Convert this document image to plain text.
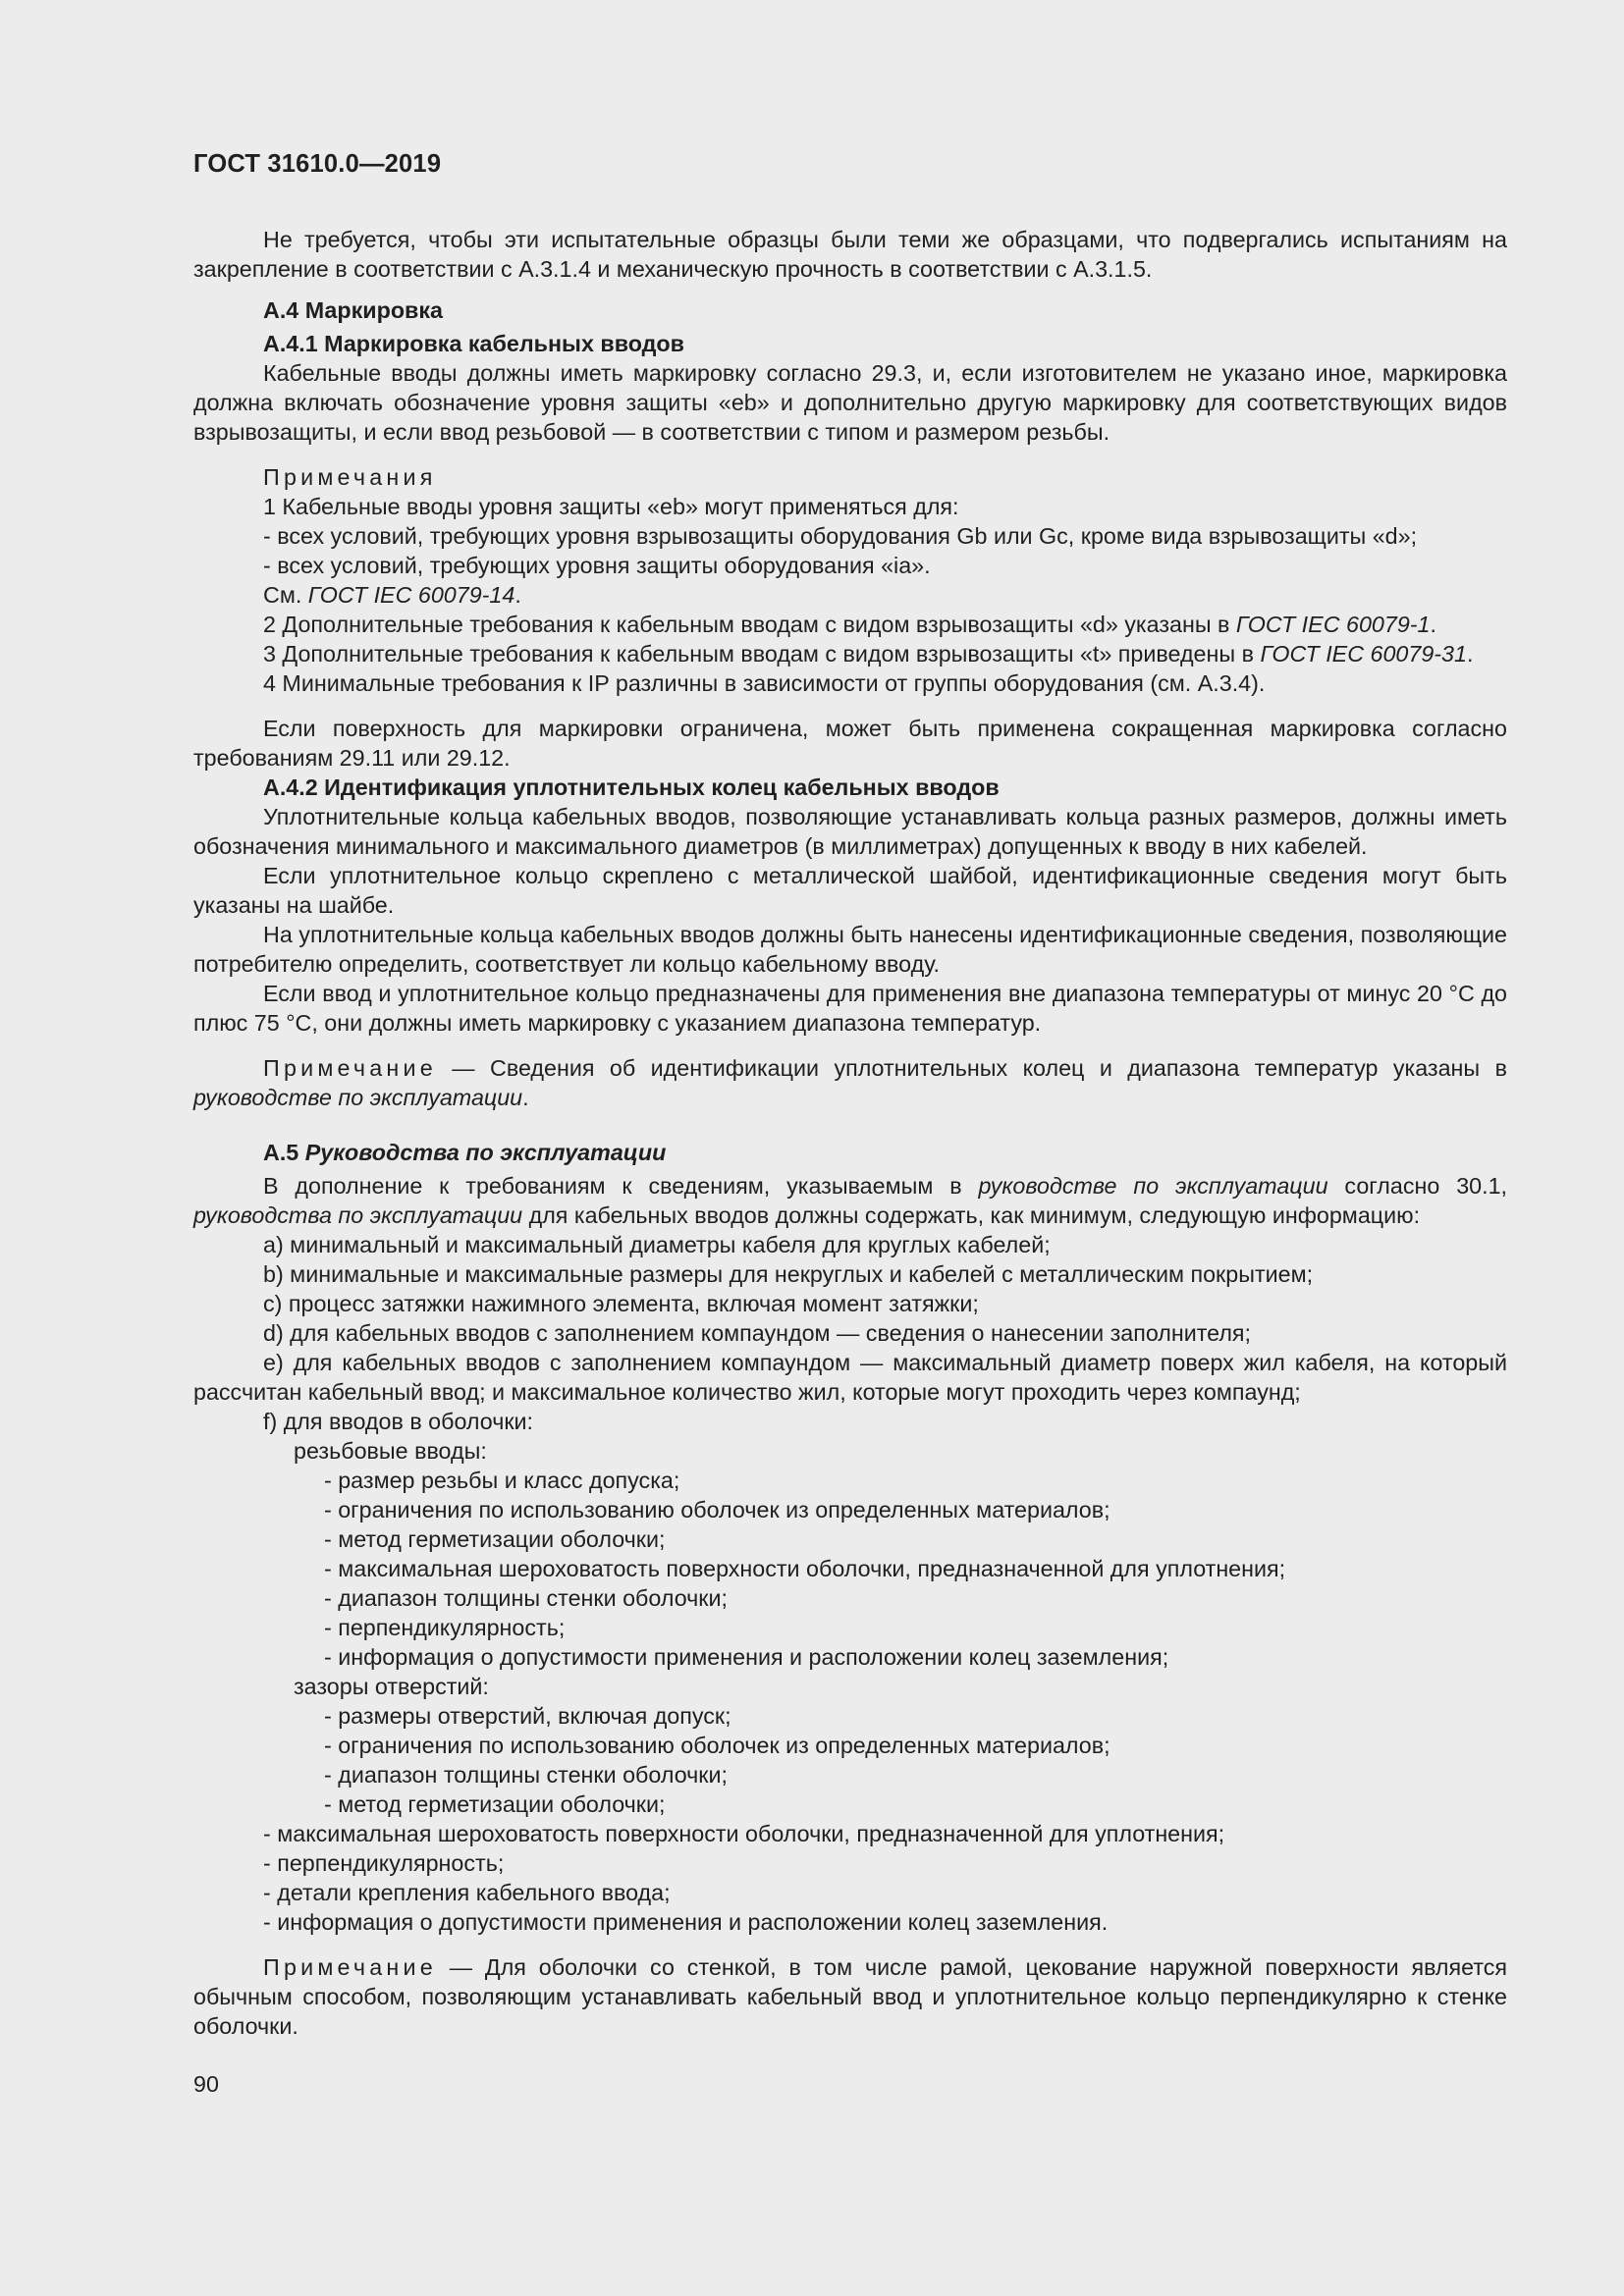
ГОСТ 31610.0—2019

Не требуется, чтобы эти испытательные образцы были теми же образцами, что подвергались испытаниям на закрепление в соответствии с А.3.1.4 и механическую прочность в соответствии с А.3.1.5.

А.4 Маркировка

А.4.1 Маркировка кабельных вводов

Кабельные вводы должны иметь маркировку согласно 29.3, и, если изготовителем не указано иное, маркировка должна включать обозначение уровня защиты «eb» и дополнительно другую маркировку для соответствующих видов взрывозащиты, и если ввод резьбовой — в соответствии с типом и размером резьбы.

Примечания

1 Кабельные вводы уровня защиты «eb» могут применяться для:

- всех условий, требующих уровня взрывозащиты оборудования Gb или Gc, кроме вида взрывозащиты «d»;

- всех условий, требующих уровня защиты оборудования «ia».

См. ГОСТ IEC 60079-14.

2 Дополнительные требования к кабельным вводам с видом взрывозащиты «d» указаны в ГОСТ IEC 60079-1.

3 Дополнительные требования к кабельным вводам с видом взрывозащиты «t» приведены в ГОСТ IEC 60079-31.

4 Минимальные требования к IP различны в зависимости от группы оборудования (см. А.3.4).

Если поверхность для маркировки ограничена, может быть применена сокращенная маркировка согласно требованиям 29.11 или 29.12.

А.4.2 Идентификация уплотнительных колец кабельных вводов

Уплотнительные кольца кабельных вводов, позволяющие устанавливать кольца разных размеров, должны иметь обозначения минимального и максимального диаметров (в миллиметрах) допущенных к вводу в них кабелей.

Если уплотнительное кольцо скреплено с металлической шайбой, идентификационные сведения могут быть указаны на шайбе.

На уплотнительные кольца кабельных вводов должны быть нанесены идентификационные сведения, позволяющие потребителю определить, соответствует ли кольцо кабельному вводу.

Если ввод и уплотнительное кольцо предназначены для применения вне диапазона температуры от минус 20 °С до плюс 75 °С, они должны иметь маркировку с указанием диапазона температур.

Примечание — Сведения об идентификации уплотнительных колец и диапазона температур указаны в руководстве по эксплуатации.

А.5 Руководства по эксплуатации

В дополнение к требованиям к сведениям, указываемым в руководстве по эксплуатации согласно 30.1, руководства по эксплуатации для кабельных вводов должны содержать, как минимум, следующую информацию:

a) минимальный и максимальный диаметры кабеля для круглых кабелей;

b) минимальные и максимальные размеры для некруглых и кабелей с металлическим покрытием;

c) процесс затяжки нажимного элемента, включая момент затяжки;

d) для кабельных вводов с заполнением компаундом — сведения о нанесении заполнителя;

e) для кабельных вводов с заполнением компаундом — максимальный диаметр поверх жил кабеля, на который рассчитан кабельный ввод; и максимальное количество жил, которые могут проходить через компаунд;

f) для вводов в оболочки:

резьбовые вводы:

- размер резьбы и класс допуска;

- ограничения по использованию оболочек из определенных материалов;

- метод герметизации оболочки;

- максимальная шероховатость поверхности оболочки, предназначенной для уплотнения;

- диапазон толщины стенки оболочки;

- перпендикулярность;

- информация о допустимости применения и расположении колец заземления;

зазоры отверстий:

- размеры отверстий, включая допуск;

- ограничения по использованию оболочек из определенных материалов;

- диапазон толщины стенки оболочки;

- метод герметизации оболочки;

- максимальная шероховатость поверхности оболочки, предназначенной для уплотнения;

- перпендикулярность;

- детали крепления кабельного ввода;

- информация о допустимости применения и расположении колец заземления.

Примечание — Для оболочки со стенкой, в том числе рамой, цекование наружной поверхности является обычным способом, позволяющим устанавливать кабельный ввод и уплотнительное кольцо перпендикулярно к стенке оболочки.

90
